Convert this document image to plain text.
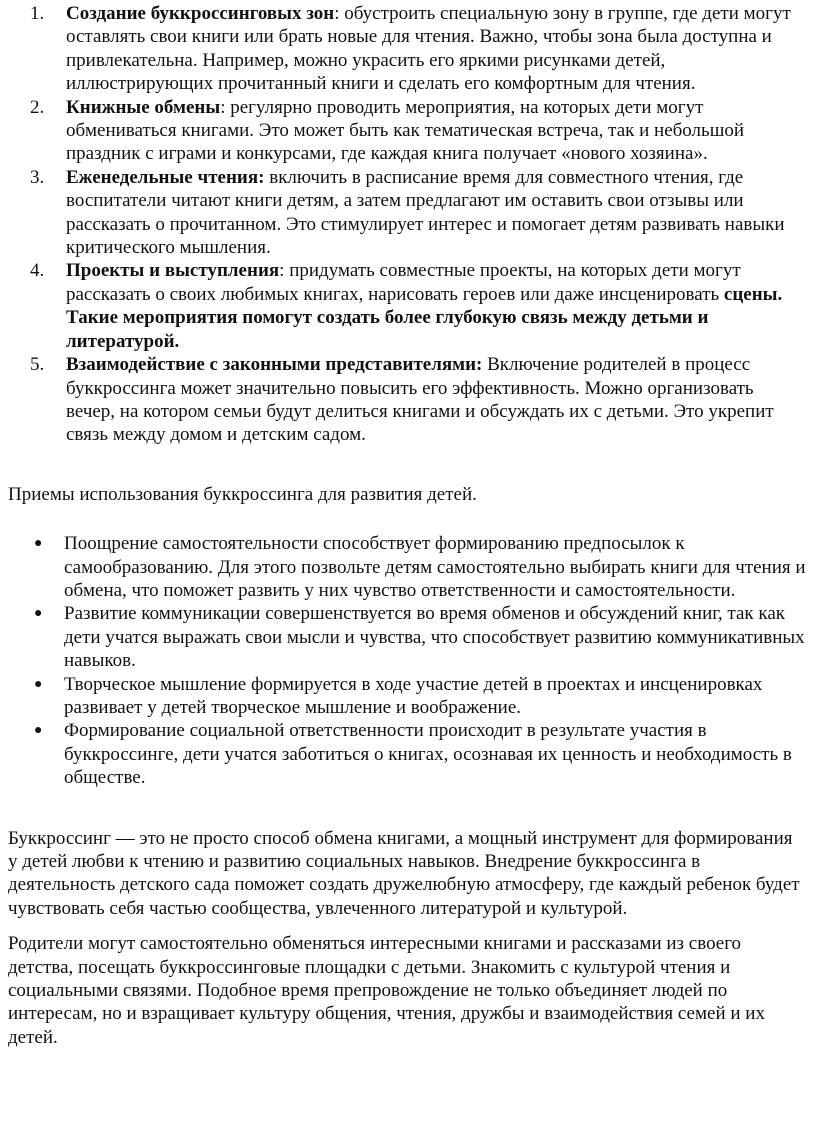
1. Создание буккроссинговых зон: обустроить специальную зону в группе, где дети могут оставлять свои книги или брать новые для чтения. Важно, чтобы зона была доступна и привлекательна. Например, можно украсить его яркими рисунками детей, иллюстрирующих прочитанный книги и сделать его комфортным для чтения.
2. Книжные обмены: регулярно проводить мероприятия, на которых дети могут обмениваться книгами. Это может быть как тематическая встреча, так и небольшой праздник с играми и конкурсами, где каждая книга получает «нового хозяина».
3. Еженедельные чтения: включить в расписание время для совместного чтения, где воспитатели читают книги детям, а затем предлагают им оставить свои отзывы или рассказать о прочитанном. Это стимулирует интерес и помогает детям развивать навыки критического мышления.
4. Проекты и выступления: придумать совместные проекты, на которых дети могут рассказать о своих любимых книгах, нарисовать героев или даже инсценировать сцены. Такие мероприятия помогут создать более глубокую связь между детьми и литературой.
5. Взаимодействие с законными представителями: Включение родителей в процесс буккроссинга может значительно повысить его эффективность. Можно организовать вечер, на котором семьи будут делиться книгами и обсуждать их с детьми. Это укрепит связь между домом и детским садом.

Приемы использования буккроссинга для развития детей.

● Поощрение самостоятельности способствует формированию предпосылок к самообразованию. Для этого позвольте детям самостоятельно выбирать книги для чтения и обмена, что поможет развить у них чувство ответственности и самостоятельности.
● Развитие коммуникации совершенствуется во время обменов и обсуждений книг, так как дети учатся выражать свои мысли и чувства, что способствует развитию коммуникативных навыков.
● Творческое мышление формируется в ходе участие детей в проектах и инсценировках развивает у детей творческое мышление и воображение.
● Формирование социальной ответственности происходит в результате участия в буккроссинге, дети учатся заботиться о книгах, осознавая их ценность и необходимость в обществе.

Буккроссинг — это не просто способ обмена книгами, а мощный инструмент для формирования у детей любви к чтению и развитию социальных навыков. Внедрение буккроссинга в деятельность детского сада поможет создать дружелюбную атмосферу, где каждый ребенок будет чувствовать себя частью сообщества, увлеченного литературой и культурой.

Родители могут самостоятельно обменяться интересными книгами и рассказами из своего детства, посещать буккроссинговые площадки с детьми. Знакомить с культурой чтения и социальными связями. Подобное время препровождение не только объединяет людей по интересам, но и взращивает культуру общения, чтения, дружбы и взаимодействия семей и их детей.
